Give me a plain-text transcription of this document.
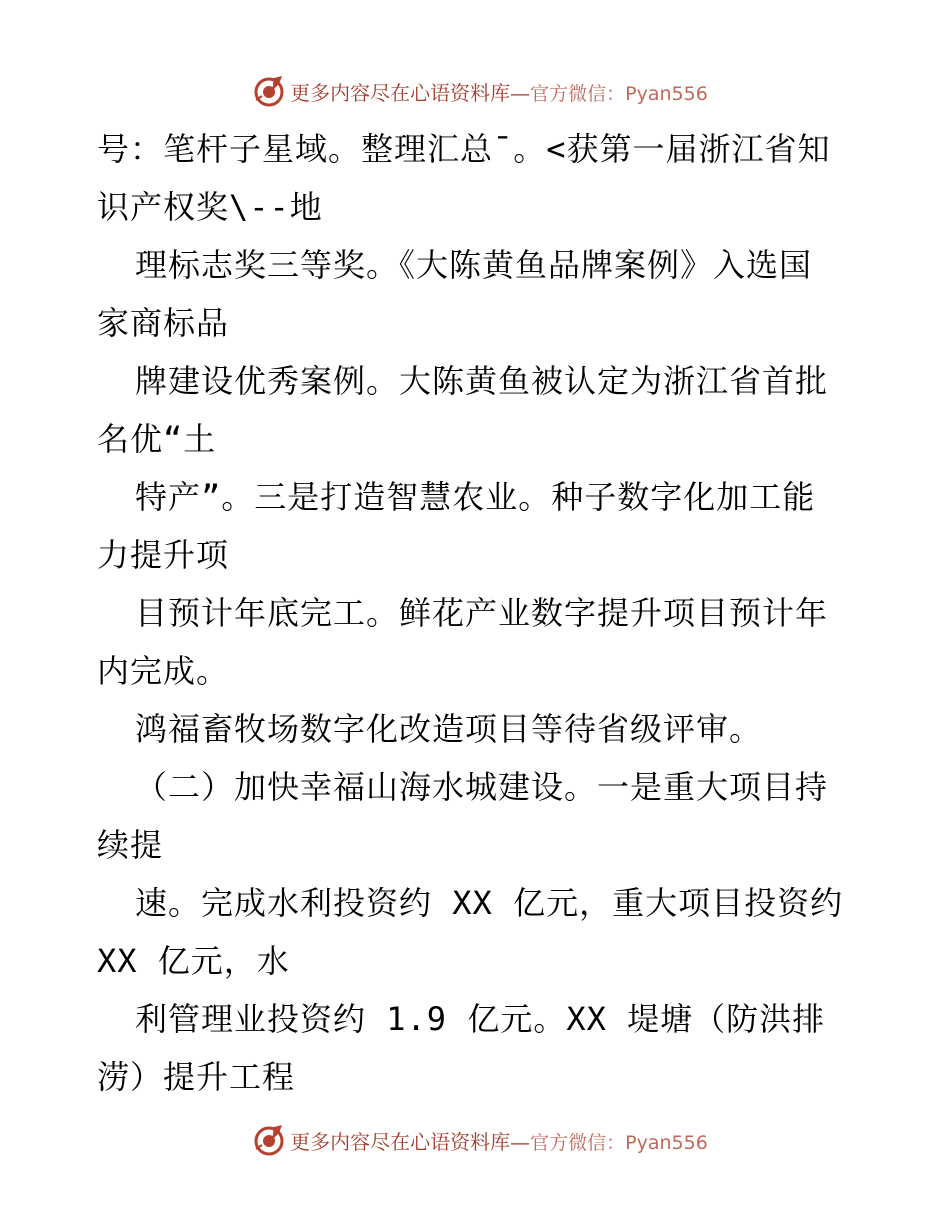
更多内容尽在心语资料库—官方微信：Pyan556
号：笔杆子星域。整理汇总¯。<获第一届浙江省知
识产权奖\--地
理标志奖三等奖。《大陈黄鱼品牌案例》入选国
家商标品
牌建设优秀案例。大陈黄鱼被认定为浙江省首批
名优“土
特产”。三是打造智慧农业。种子数字化加工能
力提升项
目预计年底完工。鲜花产业数字提升项目预计年
内完成。
鸿福畜牧场数字化改造项目等待省级评审。
（二）加快幸福山海水城建设。一是重大项目持
续提
速。完成水利投资约 XX 亿元，重大项目投资约
XX 亿元，水
利管理业投资约 1.9 亿元。XX 堤塘（防洪排
涝）提升工程
更多内容尽在心语资料库—官方微信：Pyan556
